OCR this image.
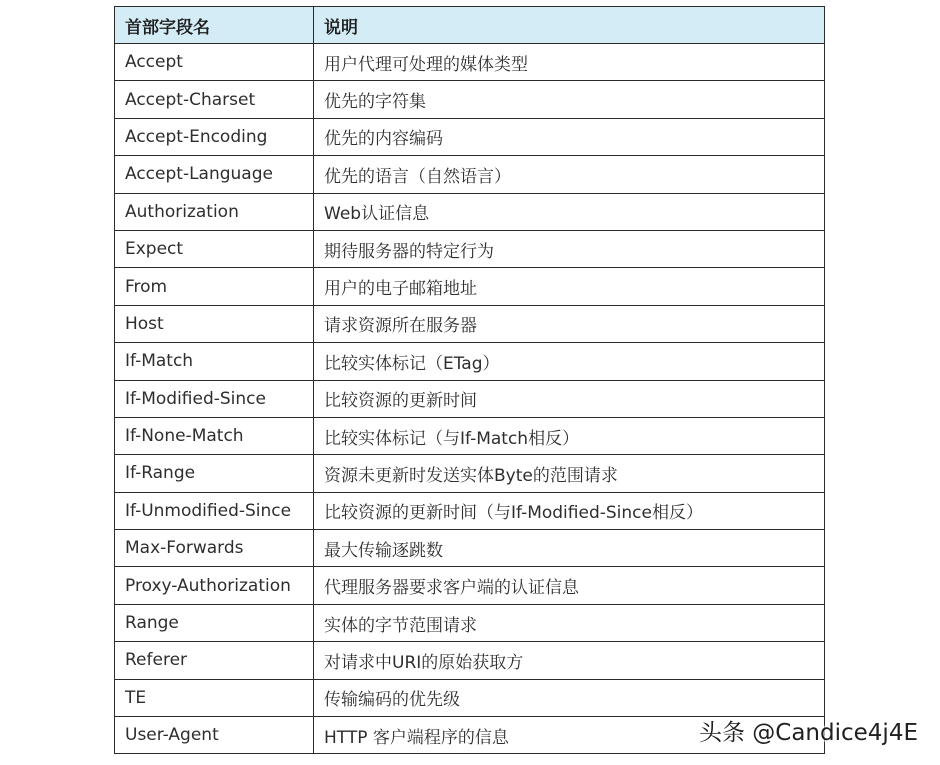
首部字段名	说明
Accept	用户代理可处理的媒体类型
Accept-Charset	优先的字符集
Accept-Encoding	优先的内容编码
Accept-Language	优先的语言（自然语言）
Authorization	Web认证信息
Expect	期待服务器的特定行为
From	用户的电子邮箱地址
Host	请求资源所在服务器
If-Match	比较实体标记（ETag）
If-Modified-Since	比较资源的更新时间
If-None-Match	比较实体标记（与If-Match相反）
If-Range	资源未更新时发送实体Byte的范围请求
If-Unmodified-Since	比较资源的更新时间（与If-Modified-Since相反）
Max-Forwards	最大传输逐跳数
Proxy-Authorization	代理服务器要求客户端的认证信息
Range	实体的字节范围请求
Referer	对请求中URI的原始获取方
TE	传输编码的优先级
User-Agent	HTTP 客户端程序的信息	头条 @Candice4j4E
